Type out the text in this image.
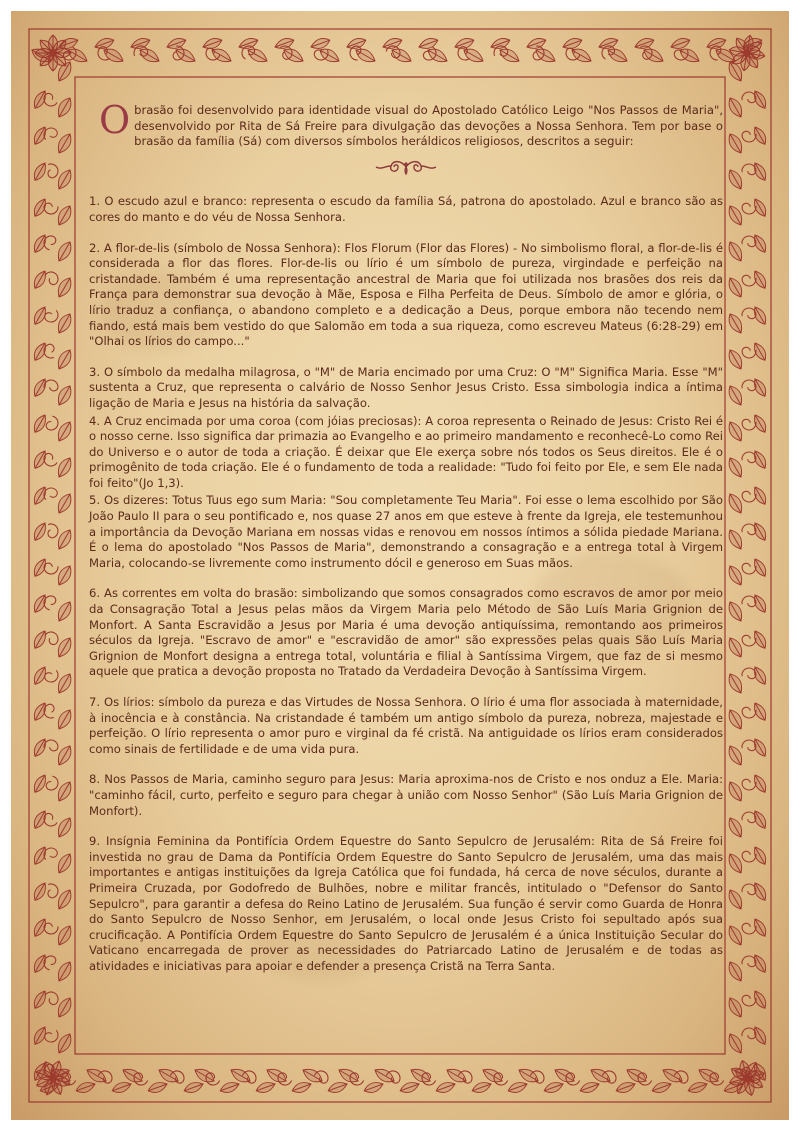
Obrasão foi desenvolvido para identidade visual do Apostolado Católico Leigo "Nos Passos de Maria", desenvolvido por Rita de Sá Freire para divulgação das devoções a Nossa Senhora. Tem por base o brasão da família (Sá) com diversos símbolos heráldicos religiosos, descritos a seguir:
1. O escudo azul e branco: representa o escudo da família Sá, patrona do apostolado. Azul e branco são as cores do manto e do véu de Nossa Senhora.
2. A flor-de-lis (símbolo de Nossa Senhora): Flos Florum (Flor das Flores) - No simbolismo floral, a flor-de-lis é considerada a flor das flores. Flor-de-lis ou lírio é um símbolo de pureza, virgindade e perfeição na cristandade. Também é uma representação ancestral de Maria que foi utilizada nos brasões dos reis da França para demonstrar sua devoção à Mãe, Esposa e Filha Perfeita de Deus. Símbolo de amor e glória, o lírio traduz a confiança, o abandono completo e a dedicação a Deus, porque embora não tecendo nem fiando, está mais bem vestido do que Salomão em toda a sua riqueza, como escreveu Mateus (6:28-29) em "Olhai os lírios do campo..."
3. O símbolo da medalha milagrosa, o "M" de Maria encimado por uma Cruz: O "M" Significa Maria. Esse "M" sustenta a Cruz, que representa o calvário de Nosso Senhor Jesus Cristo. Essa simbologia indica a íntima ligação de Maria e Jesus na história da salvação.
4. A Cruz encimada por uma coroa (com jóias preciosas): A coroa representa o Reinado de Jesus: Cristo Rei é o nosso cerne. Isso significa dar primazia ao Evangelho e ao primeiro mandamento e reconhecê-Lo como Rei do Universo e o autor de toda a criação. É deixar que Ele exerça sobre nós todos os Seus direitos. Ele é o primogênito de toda criação. Ele é o fundamento de toda a realidade: "Tudo foi feito por Ele, e sem Ele nada foi feito"(Jo 1,3).
5. Os dizeres: Totus Tuus ego sum Maria: "Sou completamente Teu Maria". Foi esse o lema escolhido por São João Paulo II para o seu pontificado e, nos quase 27 anos em que esteve à frente da Igreja, ele testemunhou a importância da Devoção Mariana em nossas vidas e renovou em nossos íntimos a sólida piedade Mariana. É o lema do apostolado "Nos Passos de Maria", demonstrando a consagração e a entrega total à Virgem Maria, colocando-se livremente como instrumento dócil e generoso em Suas mãos.
6. As correntes em volta do brasão: simbolizando que somos consagrados como escravos de amor por meio da Consagração Total a Jesus pelas mãos da Virgem Maria pelo Método de São Luís Maria Grignion de Monfort. A Santa Escravidão a Jesus por Maria é uma devoção antiquíssima, remontando aos primeiros séculos da Igreja. "Escravo de amor" e "escravidão de amor" são expressões pelas quais São Luís Maria Grignion de Monfort designa a entrega total, voluntária e filial à Santíssima Virgem, que faz de si mesmo aquele que pratica a devoção proposta no Tratado da Verdadeira Devoção à Santíssima Virgem.
7. Os lírios: símbolo da pureza e das Virtudes de Nossa Senhora. O lírio é uma flor associada à maternidade, à inocência e à constância. Na cristandade é também um antigo símbolo da pureza, nobreza, majestade e perfeição. O lírio representa o amor puro e virginal da fé cristã. Na antiguidade os lírios eram considerados como sinais de fertilidade e de uma vida pura.
8. Nos Passos de Maria, caminho seguro para Jesus: Maria aproxima-nos de Cristo e nos onduz a Ele. Maria: "caminho fácil, curto, perfeito e seguro para chegar à união com Nosso Senhor" (São Luís Maria Grignion de Monfort).
9. Insígnia Feminina da Pontifícia Ordem Equestre do Santo Sepulcro de Jerusalém: Rita de Sá Freire foi investida no grau de Dama da Pontifícia Ordem Equestre do Santo Sepulcro de Jerusalém, uma das mais importantes e antigas instituições da Igreja Católica que foi fundada, há cerca de nove séculos, durante a Primeira Cruzada, por Godofredo de Bulhões, nobre e militar francês, intitulado o "Defensor do Santo Sepulcro", para garantir a defesa do Reino Latino de Jerusalém. Sua função é servir como Guarda de Honra do Santo Sepulcro de Nosso Senhor, em Jerusalém, o local onde Jesus Cristo foi sepultado após sua crucificação. A Pontifícia Ordem Equestre do Santo Sepulcro de Jerusalém é a única Instituição Secular do Vaticano encarregada de prover as necessidades do Patriarcado Latino de Jerusalém e de todas as atividades e iniciativas para apoiar e defender a presença Cristã na Terra Santa.
